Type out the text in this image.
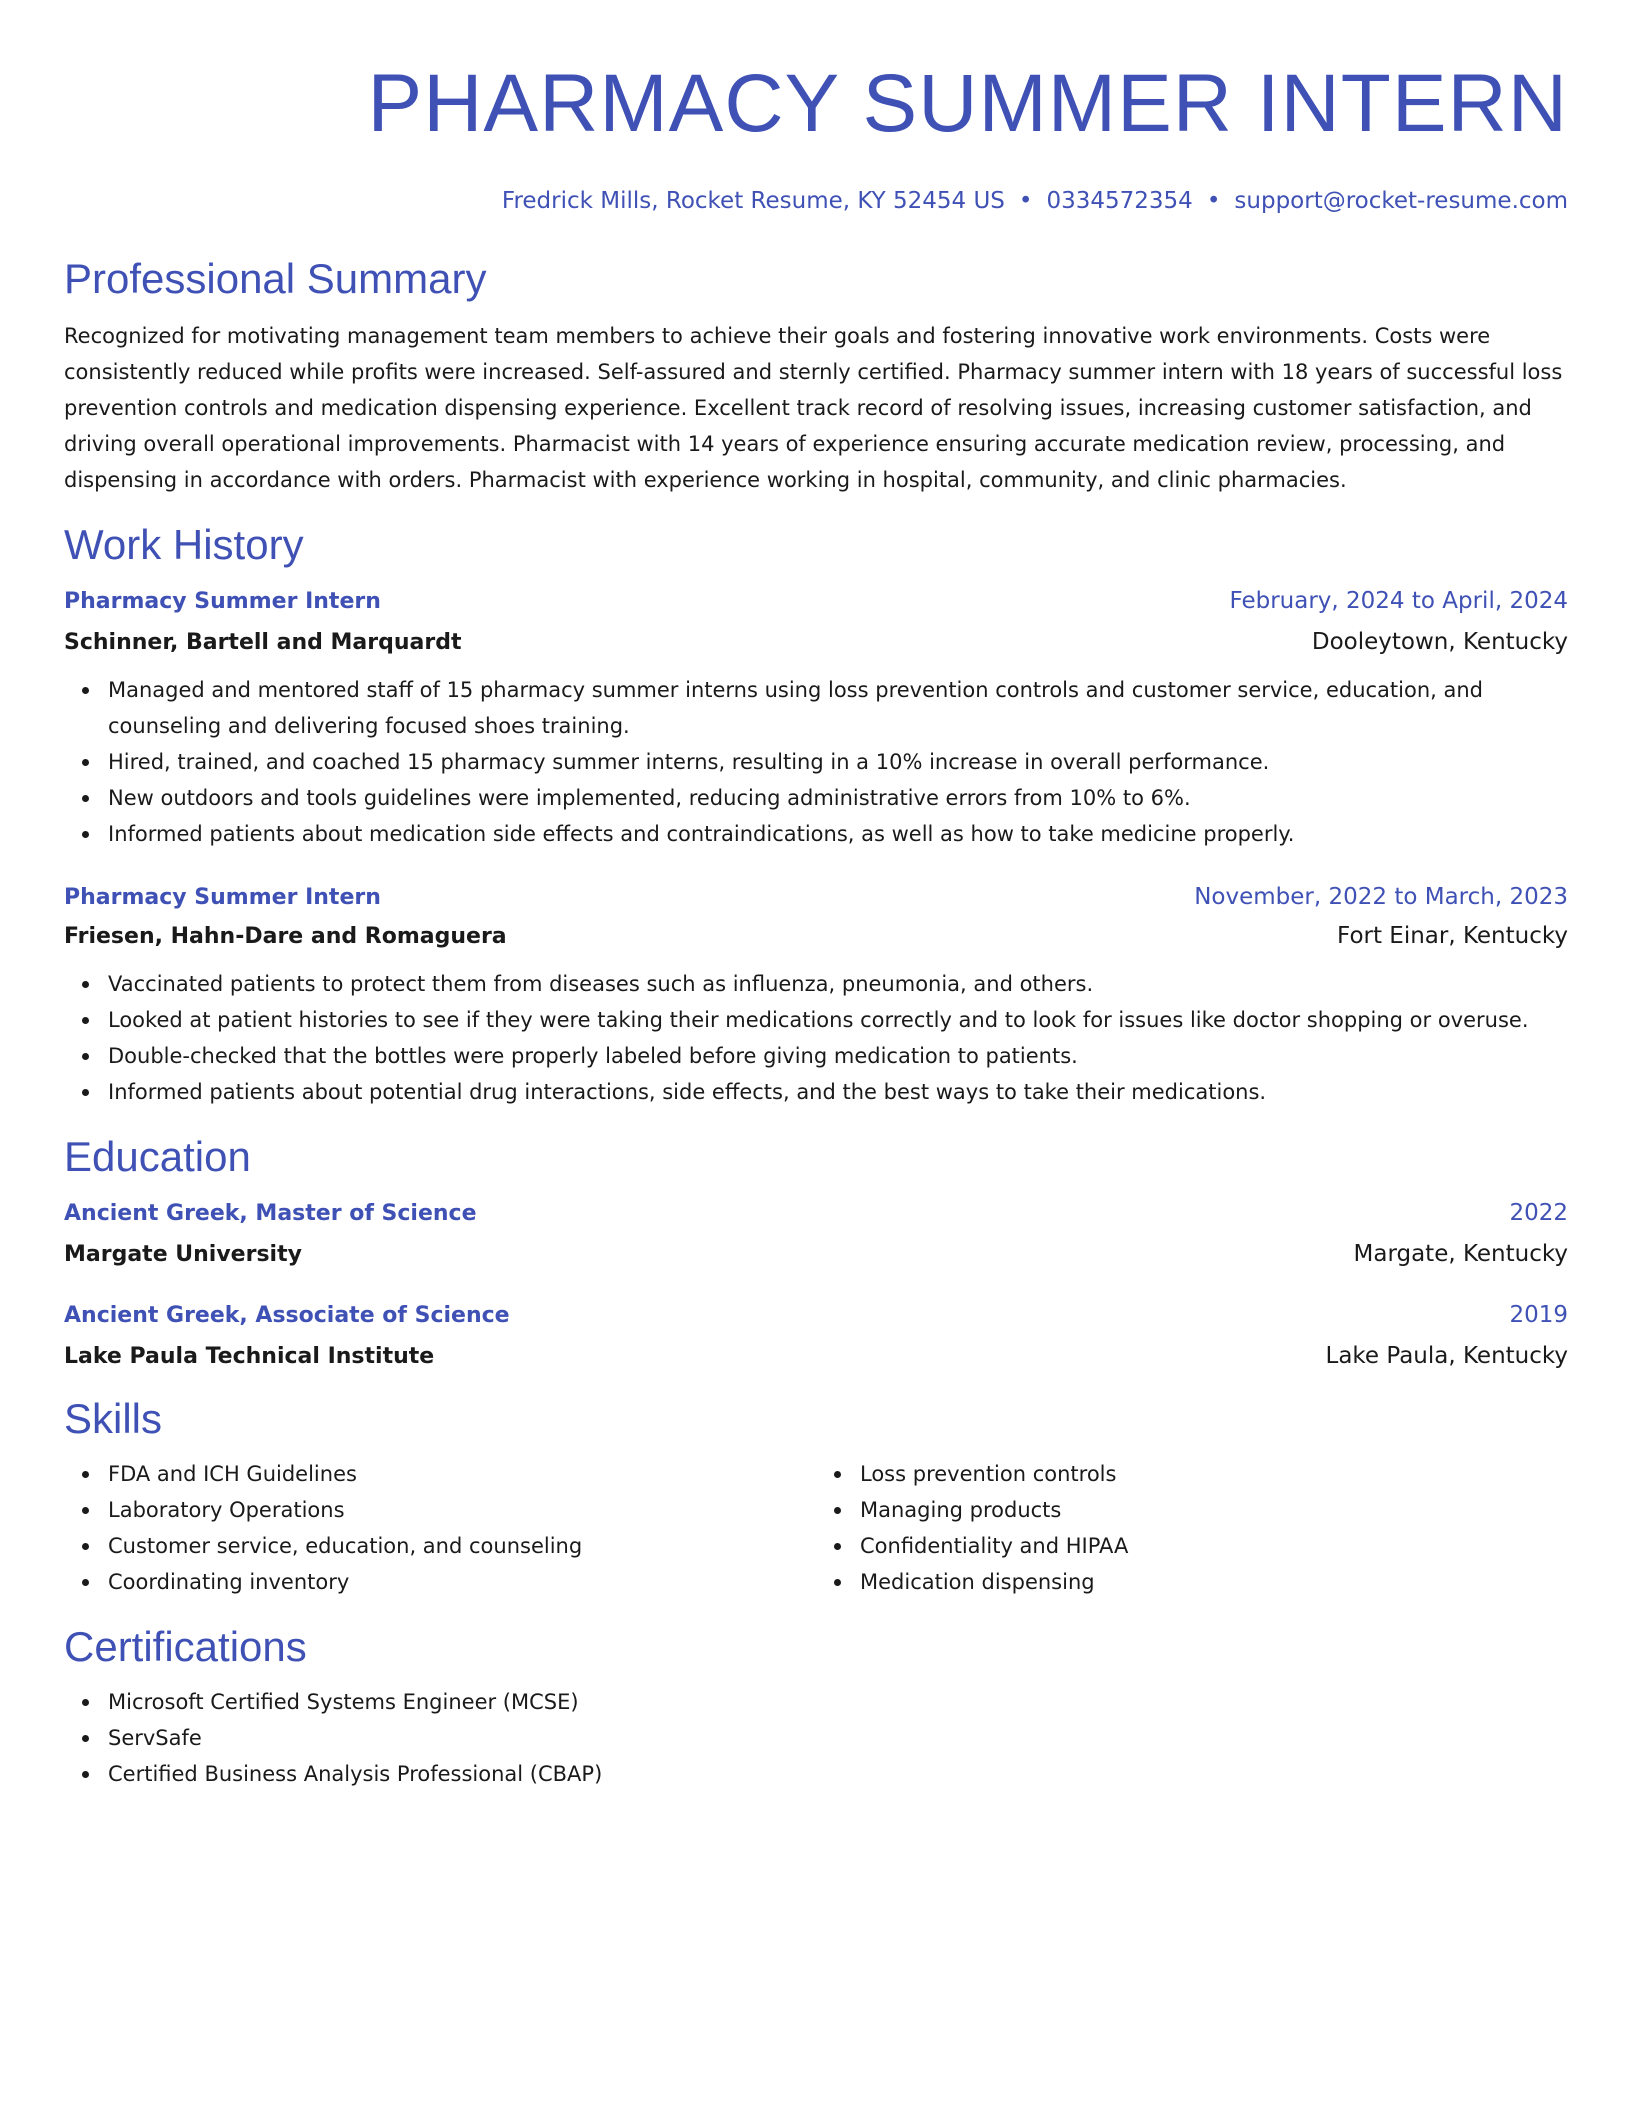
PHARMACY SUMMER INTERN
Fredrick Mills, Rocket Resume, KY 52454 US • 0334572354 • support@rocket-resume.com
Professional Summary

Recognized for motivating management team members to achieve their goals and fostering innovative work environments. Costs were consistently reduced while profits were increased. Self-assured and sternly certified. Pharmacy summer intern with 18 years of successful loss prevention controls and medication dispensing experience. Excellent track record of resolving issues, increasing customer satisfaction, and driving overall operational improvements. Pharmacist with 14 years of experience ensuring accurate medication review, processing, and dispensing in accordance with orders. Pharmacist with experience working in hospital, community, and clinic pharmacies.

Work History
Pharmacy Summer Intern	February, 2024 to April, 2024
Schinner, Bartell and Marquardt	Dooleytown, Kentucky
Managed and mentored staff of 15 pharmacy summer interns using loss prevention controls and customer service, education, and counseling and delivering focused shoes training.
Hired, trained, and coached 15 pharmacy summer interns, resulting in a 10% increase in overall performance.
New outdoors and tools guidelines were implemented, reducing administrative errors from 10% to 6%.
Informed patients about medication side effects and contraindications, as well as how to take medicine properly.
Pharmacy Summer Intern	November, 2022 to March, 2023
Friesen, Hahn-Dare and Romaguera	Fort Einar, Kentucky
Vaccinated patients to protect them from diseases such as influenza, pneumonia, and others.
Looked at patient histories to see if they were taking their medications correctly and to look for issues like doctor shopping or overuse.
Double-checked that the bottles were properly labeled before giving medication to patients.
Informed patients about potential drug interactions, side effects, and the best ways to take their medications.
Education
Ancient Greek, Master of Science	2022
Margate University	Margate, Kentucky
Ancient Greek, Associate of Science	2019
Lake Paula Technical Institute	Lake Paula, Kentucky
Skills
FDA and ICH Guidelines
Laboratory Operations
Customer service, education, and counseling
Coordinating inventory
Loss prevention controls
Managing products
Confidentiality and HIPAA
Medication dispensing
Certifications
Microsoft Certified Systems Engineer (MCSE)
ServSafe
Certified Business Analysis Professional (CBAP)
